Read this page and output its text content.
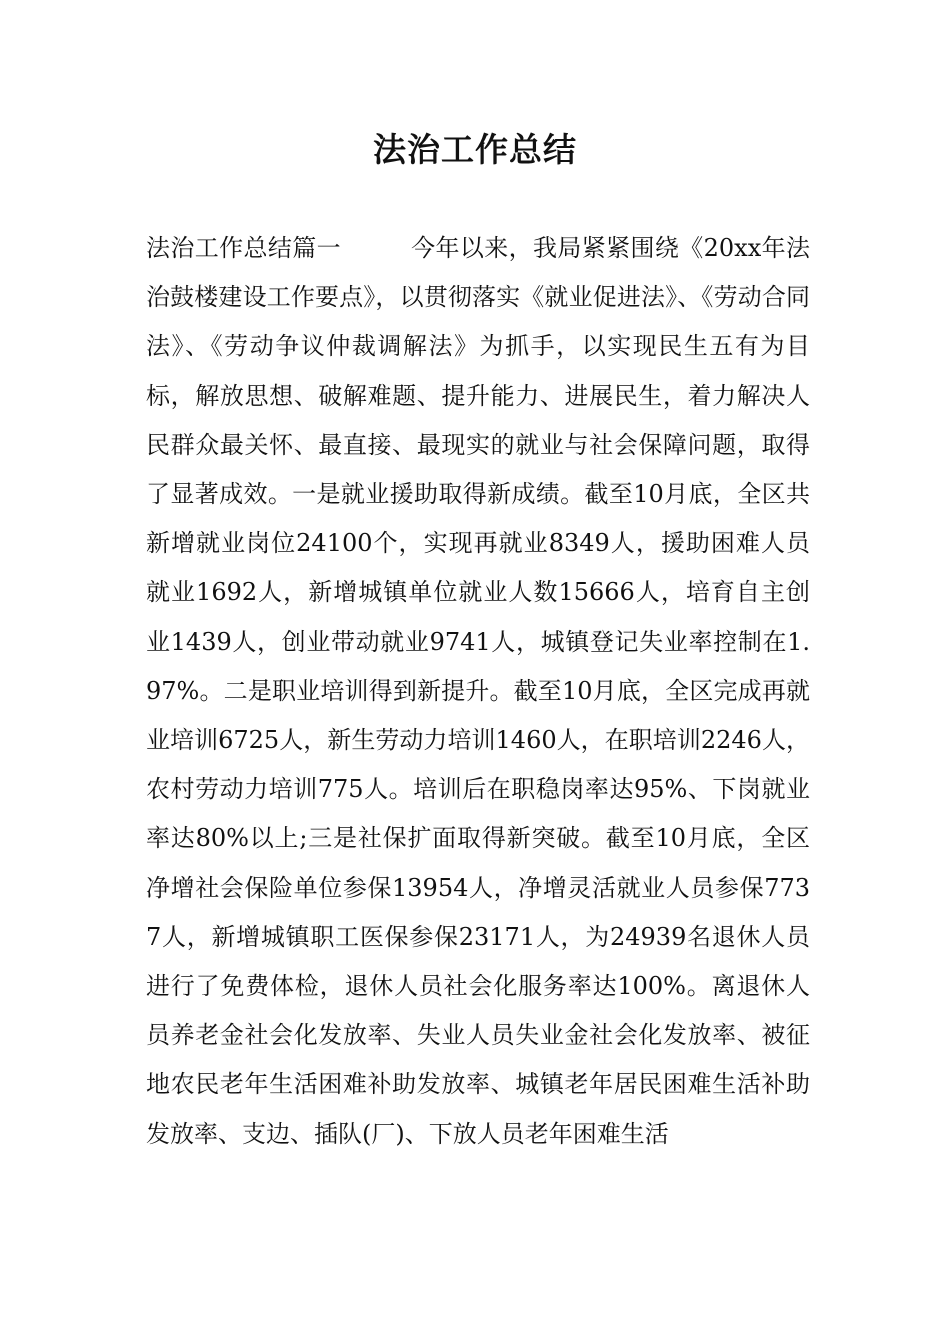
法治工作总结

法治工作总结篇一	今年以来，我局紧紧围绕《20xx年法治鼓楼建设工作要点》，以贯彻落实《就业促进法》、《劳动合同法》、《劳动争议仲裁调解法》为抓手，以实现民生五有为目标，解放思想、破解难题、提升能力、进展民生，着力解决人民群众最关怀、最直接、最现实的就业与社会保障问题，取得了显著成效。一是就业援助取得新成绩。截至10月底，全区共新增就业岗位24100个，实现再就业8349人，援助困难人员就业1692人，新增城镇单位就业人数15666人，培育自主创业1439人，创业带动就业9741人，城镇登记失业率控制在1.97%。二是职业培训得到新提升。截至10月底，全区完成再就业培训6725人，新生劳动力培训1460人，在职培训2246人，农村劳动力培训775人。培训后在职稳岗率达95%、下岗就业率达80%以上;三是社保扩面取得新突破。截至10月底，全区净增社会保险单位参保13954人，净增灵活就业人员参保7737人，新增城镇职工医保参保23171人，为24939名退休人员进行了免费体检，退休人员社会化服务率达100%。离退休人员养老金社会化发放率、失业人员失业金社会化发放率、被征地农民老年生活困难补助发放率、城镇老年居民困难生活补助发放率、支边、插队(厂)、下放人员老年困难生活
